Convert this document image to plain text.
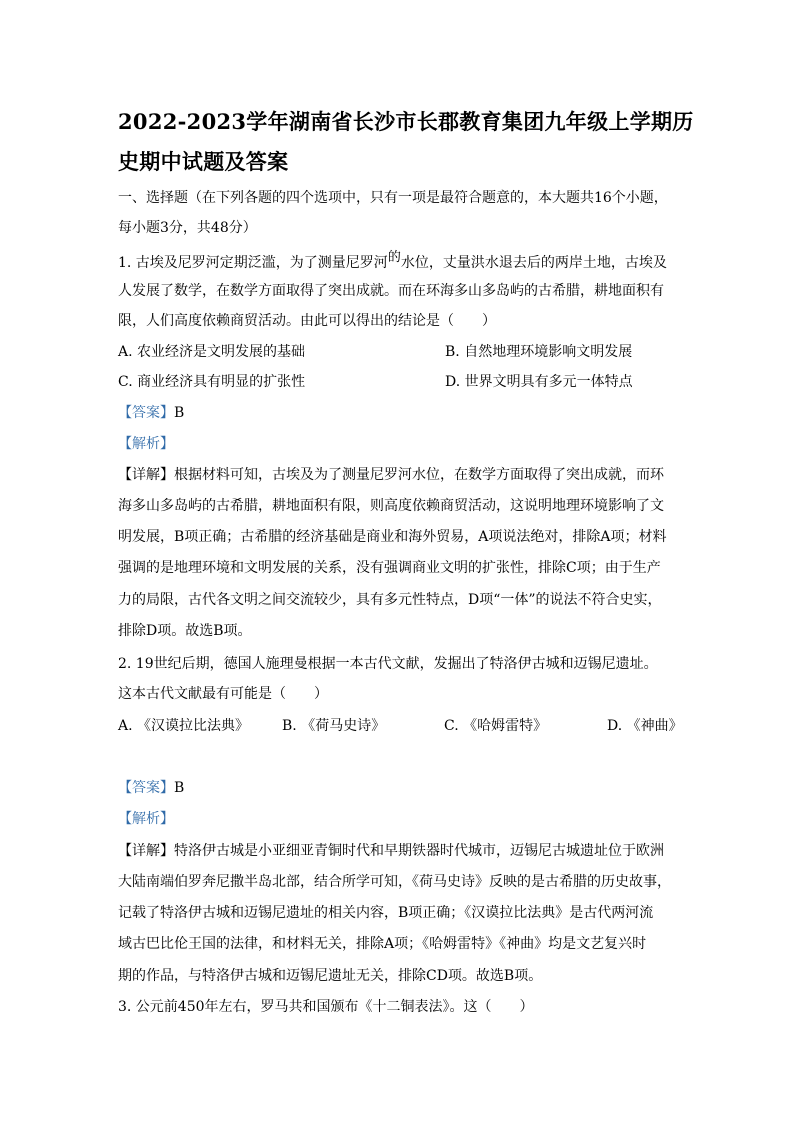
2022-2023学年湖南省长沙市长郡教育集团九年级上学期历
史期中试题及答案
一、选择题（在下列各题的四个选项中，只有一项是最符合题意的，本大题共16个小题，
每小题3分，共48分）
1. 古埃及尼罗河定期泛滥，为了测量尼罗河的水位，丈量洪水退去后的两岸土地，古埃及
人发展了数学，在数学方面取得了突出成就。而在环海多山多岛屿的古希腊，耕地面积有
限，人们高度依赖商贸活动。由此可以得出的结论是（　　）
A. 农业经济是文明发展的基础	B. 自然地理环境影响文明发展
C. 商业经济具有明显的扩张性	D. 世界文明具有多元一体特点
【答案】B
【解析】
【详解】根据材料可知，古埃及为了测量尼罗河水位，在数学方面取得了突出成就，而环
海多山多岛屿的古希腊，耕地面积有限，则高度依赖商贸活动，这说明地理环境影响了文
明发展，B项正确；古希腊的经济基础是商业和海外贸易，A项说法绝对，排除A项；材料
强调的是地理环境和文明发展的关系，没有强调商业文明的扩张性，排除C项；由于生产
力的局限，古代各文明之间交流较少，具有多元性特点，D项“一体”的说法不符合史实，
排除D项。故选B项。
2. 19世纪后期，德国人施理曼根据一本古代文献，发掘出了特洛伊古城和迈锡尼遗址。
这本古代文献最有可能是（　　）
A. 《汉谟拉比法典》 B. 《荷马史诗》	C. 《哈姆雷特》	D. 《神曲》
【答案】B
【解析】
【详解】特洛伊古城是小亚细亚青铜时代和早期铁器时代城市，迈锡尼古城遗址位于欧洲
大陆南端伯罗奔尼撒半岛北部，结合所学可知，《荷马史诗》反映的是古希腊的历史故事，
记载了特洛伊古城和迈锡尼遗址的相关内容，B项正确；《汉谟拉比法典》是古代两河流
域古巴比伦王国的法律，和材料无关，排除A项；《哈姆雷特》《神曲》均是文艺复兴时
期的作品，与特洛伊古城和迈锡尼遗址无关，排除CD项。故选B项。
3. 公元前450年左右，罗马共和国颁布《十二铜表法》。这（　　）
